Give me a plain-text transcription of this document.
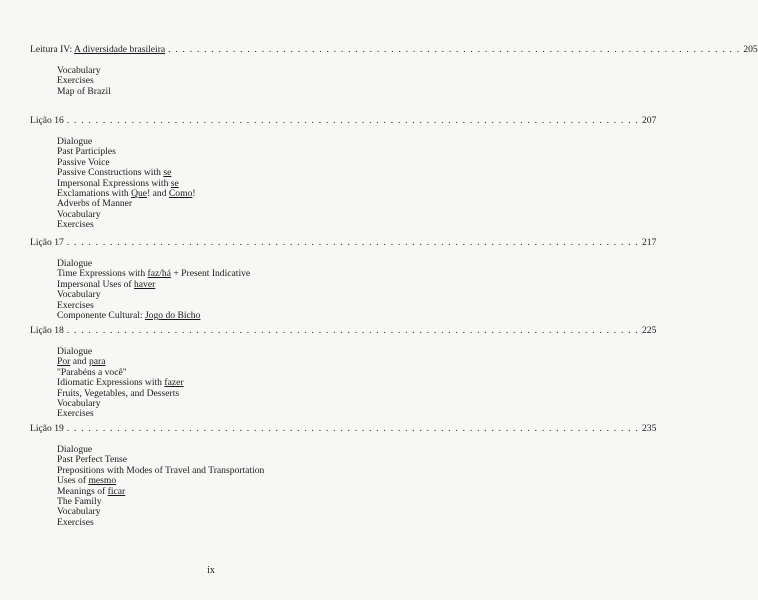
Leitura IV: A diversidade brasileira . . . . . . . . . . . . . . . . . . . . . . . . . . . . . . . . . . . . . . . . . . . . . . . . . . . . . . . . . . . . . . . . . . . . . . . . . . . . . . . . 205
Vocabulary
Exercises
Map of Brazil
Lição 16 . . . . . . . . . . . . . . . . . . . . . . . . . . . . . . . . . . . . . . . . . . . . . . . . . . . . . . . . . . . . . . . . . . . . . . . . . . . . . . . . 207
Dialogue
Past Participles
Passive Voice
Passive Constructions with se
Impersonal Expressions with se
Exclamations with Que! and Como!
Adverbs of Manner
Vocabulary
Exercises
Lição 17 . . . . . . . . . . . . . . . . . . . . . . . . . . . . . . . . . . . . . . . . . . . . . . . . . . . . . . . . . . . . . . . . . . . . . . . . . . . . . . . . 217
Dialogue
Time Expressions with faz/há + Present Indicative
Impersonal Uses of haver
Vocabulary
Exercises
Componente Cultural: Jogo do Bicho
Lição 18 . . . . . . . . . . . . . . . . . . . . . . . . . . . . . . . . . . . . . . . . . . . . . . . . . . . . . . . . . . . . . . . . . . . . . . . . . . . . . . . . 225
Dialogue
Por and para
"Parabéns a você"
Idiomatic Expressions with fazer
Fruits, Vegetables, and Desserts
Vocabulary
Exercises
Lição 19 . . . . . . . . . . . . . . . . . . . . . . . . . . . . . . . . . . . . . . . . . . . . . . . . . . . . . . . . . . . . . . . . . . . . . . . . . . . . . . . . 235
Dialogue
Past Perfect Tense
Prepositions with Modes of Travel and Transportation
Uses of mesmo
Meanings of ficar
The Family
Vocabulary
Exercises
ix
